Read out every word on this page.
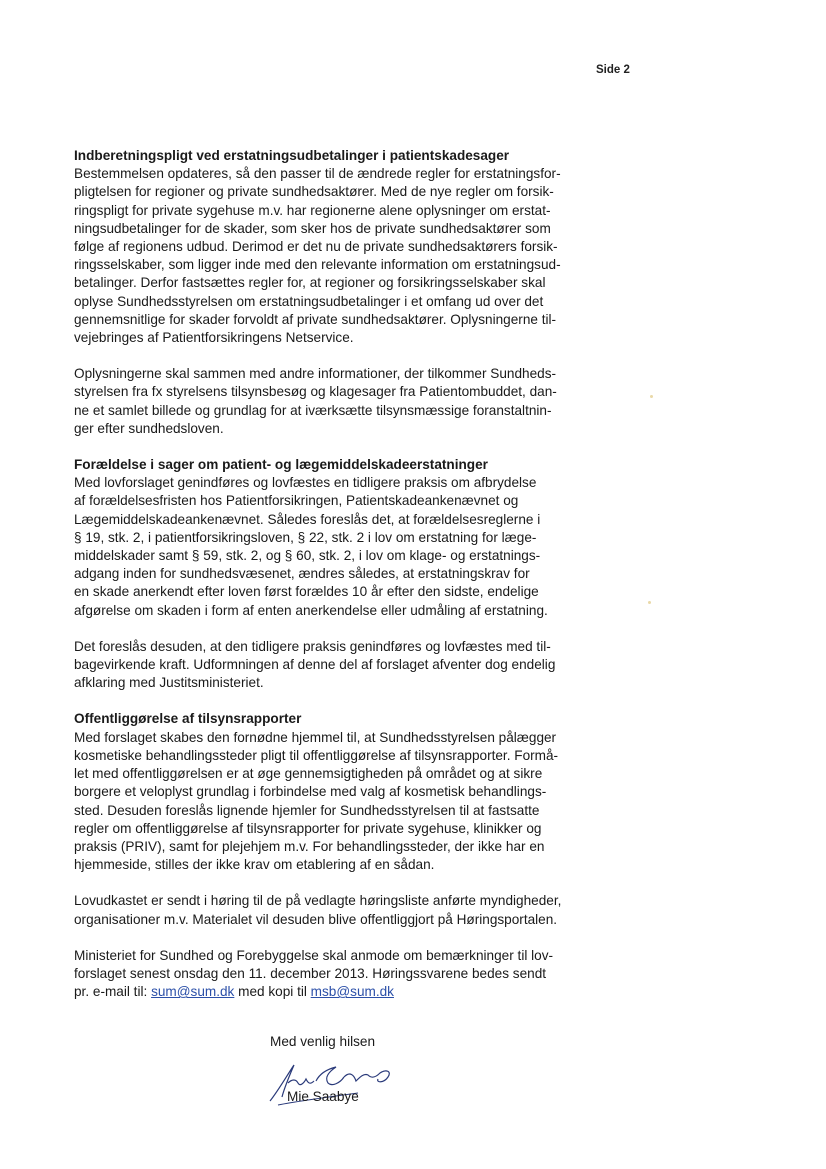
Side 2
Indberetningspligt ved erstatningsudbetalinger i patientskadesager
Bestemmelsen opdateres, så den passer til de ændrede regler for erstatningsfor-
pligtelsen for regioner og private sundhedsaktører. Med de nye regler om forsik-
ringspligt for private sygehuse m.v. har regionerne alene oplysninger om erstat-
ningsudbetalinger for de skader, som sker hos de private sundhedsaktører som
følge af regionens udbud. Derimod er det nu de private sundhedsaktørers forsik-
ringsselskaber, som ligger inde med den relevante information om erstatningsud-
betalinger. Derfor fastsættes regler for, at regioner og forsikringsselskaber skal
oplyse Sundhedsstyrelsen om erstatningsudbetalinger i et omfang ud over det
gennemsnitlige for skader forvoldt af private sundhedsaktører. Oplysningerne til-
vejebringes af Patientforsikringens Netservice.
Oplysningerne skal sammen med andre informationer, der tilkommer Sundheds-
styrelsen fra fx styrelsens tilsynsbesøg og klagesager fra Patientombuddet, dan-
ne et samlet billede og grundlag for at iværksætte tilsynsmæssige foranstaltnin-
ger efter sundhedsloven.
Forældelse i sager om patient- og lægemiddelskadeerstatninger
Med lovforslaget genindføres og lovfæstes en tidligere praksis om afbrydelse
af forældelsesfristen hos Patientforsikringen, Patientskadeankenævnet og
Lægemiddelskadeankenævnet. Således foreslås det, at forældelsesreglerne i
§ 19, stk. 2, i patientforsikringsloven, § 22, stk. 2 i lov om erstatning for læge-
middelskader samt § 59, stk. 2, og § 60, stk. 2, i lov om klage- og erstatnings-
adgang inden for sundhedsvæsenet, ændres således, at erstatningskrav for
en skade anerkendt efter loven først forældes 10 år efter den sidste, endelige
afgørelse om skaden i form af enten anerkendelse eller udmåling af erstatning.
Det foreslås desuden, at den tidligere praksis genindføres og lovfæstes med til-
bagevirkende kraft. Udformningen af denne del af forslaget afventer dog endelig
afklaring med Justitsministeriet.
Offentliggørelse af tilsynsrapporter
Med forslaget skabes den fornødne hjemmel til, at Sundhedsstyrelsen pålægger
kosmetiske behandlingssteder pligt til offentliggørelse af tilsynsrapporter. Formå-
let med offentliggørelsen er at øge gennemsigtigheden på området og at sikre
borgere et veloplyst grundlag i forbindelse med valg af kosmetisk behandlings-
sted. Desuden foreslås lignende hjemler for Sundhedsstyrelsen til at fastsatte
regler om offentliggørelse af tilsynsrapporter for private sygehuse, klinikker og
praksis (PRIV), samt for plejehjem m.v. For behandlingssteder, der ikke har en
hjemmeside, stilles der ikke krav om etablering af en sådan.
Lovudkastet er sendt i høring til de på vedlagte høringsliste anførte myndigheder,
organisationer m.v. Materialet vil desuden blive offentliggjort på Høringsportalen.
Ministeriet for Sundhed og Forebyggelse skal anmode om bemærkninger til lov-
forslaget senest onsdag den 11. december 2013. Høringssvarene bedes sendt
pr. e-mail til: sum@sum.dk med kopi til msb@sum.dk
Med venlig hilsen
Mie Saabye
